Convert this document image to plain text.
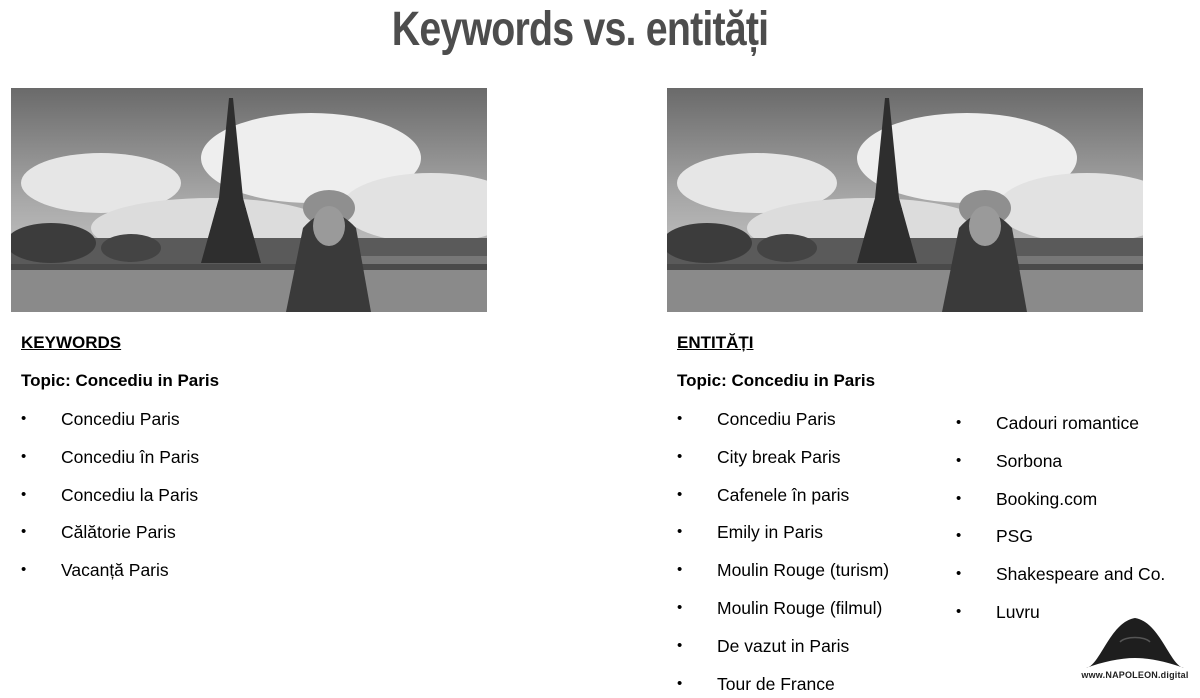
Keywords vs. entități
KEYWORDS
Topic: Concediu in Paris
• Concediu Paris
• Concediu în Paris
• Concediu la Paris
• Călătorie Paris
• Vacanță Paris
ENTITĂȚI
Topic: Concediu in Paris
• Concediu Paris
• City break Paris
• Cafenele în paris
• Emily in Paris
• Moulin Rouge (turism)
• Moulin Rouge (filmul)
• De vazut in Paris
• Tour de France
• Cadouri romantice
• Sorbona
• Booking.com
• PSG
• Shakespeare and Co.
• Luvru
www.NAPOLEON.digital
